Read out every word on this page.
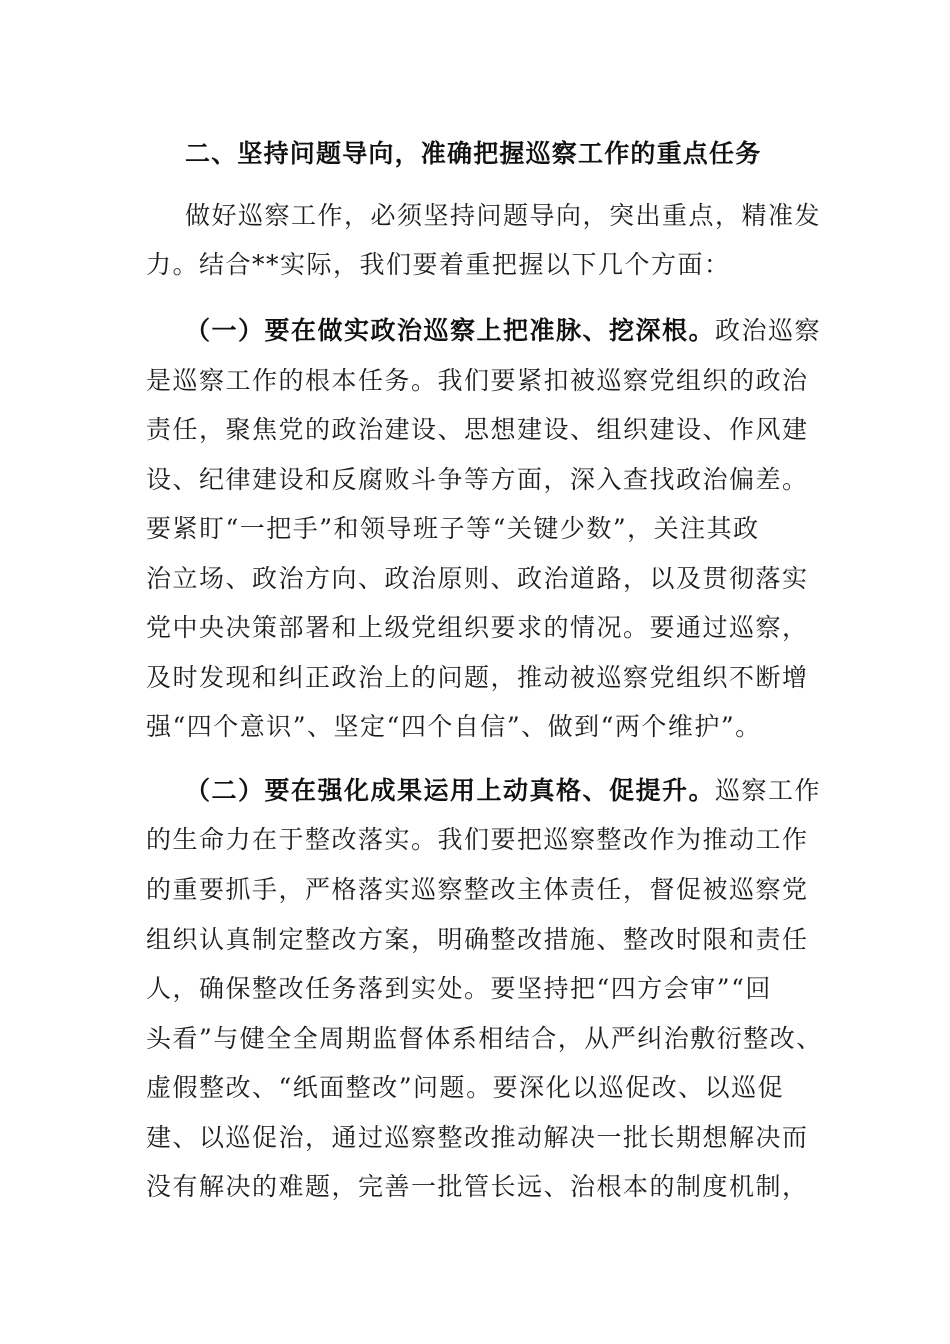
二、坚持问题导向，准确把握巡察工作的重点任务
做好巡察工作，必须坚持问题导向，突出重点，精准发
力。结合**实际，我们要着重把握以下几个方面：
（一）要在做实政治巡察上把准脉、挖深根。政治巡察
是巡察工作的根本任务。我们要紧扣被巡察党组织的政治
责任，聚焦党的政治建设、思想建设、组织建设、作风建
设、纪律建设和反腐败斗争等方面，深入查找政治偏差。
要紧盯“一把手”和领导班子等“关键少数”，关注其政
治立场、政治方向、政治原则、政治道路，以及贯彻落实
党中央决策部署和上级党组织要求的情况。要通过巡察，
及时发现和纠正政治上的问题，推动被巡察党组织不断增
强“四个意识”、坚定“四个自信”、做到“两个维护”。
（二）要在强化成果运用上动真格、促提升。巡察工作
的生命力在于整改落实。我们要把巡察整改作为推动工作
的重要抓手，严格落实巡察整改主体责任，督促被巡察党
组织认真制定整改方案，明确整改措施、整改时限和责任
人，确保整改任务落到实处。要坚持把“四方会审”“回
头看”与健全全周期监督体系相结合，从严纠治敷衍整改、
虚假整改、“纸面整改”问题。要深化以巡促改、以巡促
建、以巡促治，通过巡察整改推动解决一批长期想解决而
没有解决的难题，完善一批管长远、治根本的制度机制，
